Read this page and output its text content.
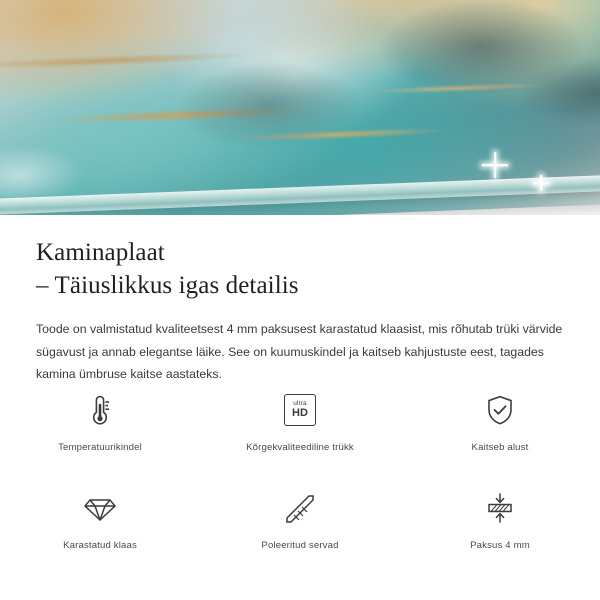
Kaminaplaat
– Täiuslikkus igas detailis

Toode on valmistatud kvaliteetsest 4 mm paksusest karastatud klaasist, mis rõhutab trüki värvide sügavust ja annab elegantse läike. See on kuumuskindel ja kaitseb kahjustuste eest, tagades kamina ümbruse kaitse aastateks.

Temperatuurikindel
ultra
HD
Kõrgekvaliteediline trükk	Kaitseb alust
Karastatud klaas	Poleeritud servad	Paksus 4 mm
